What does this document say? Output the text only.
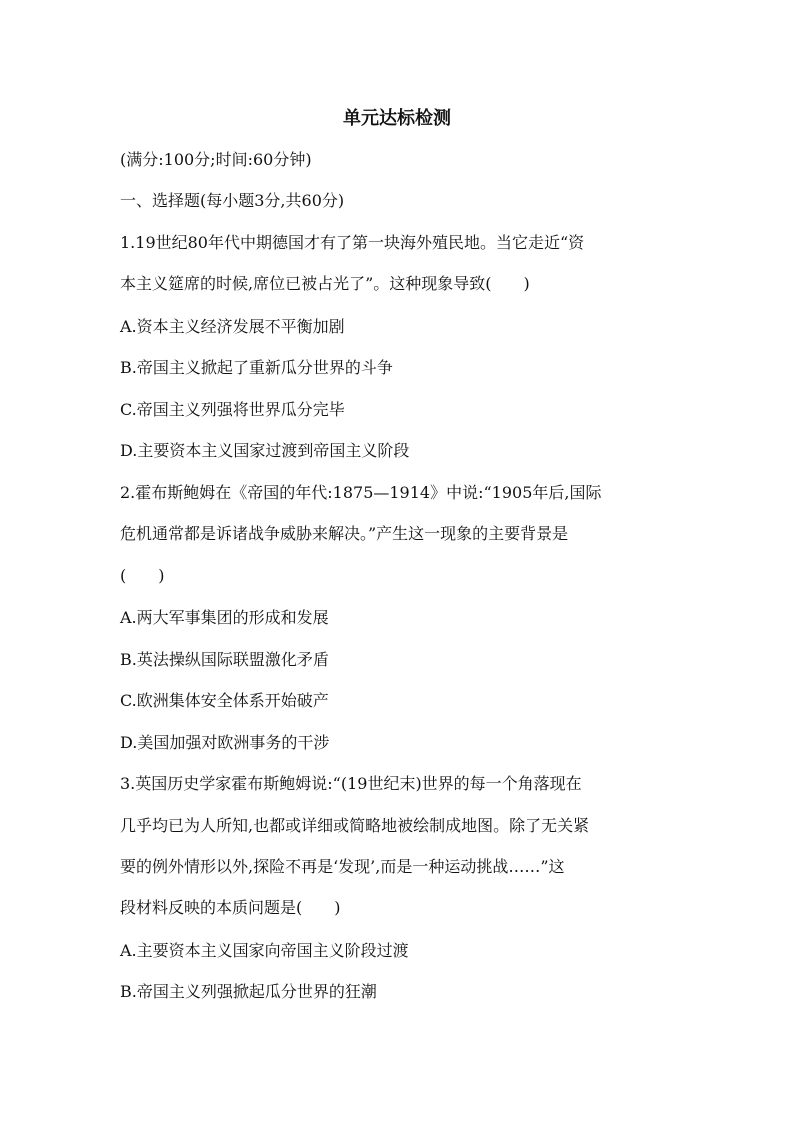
单元达标检测
(满分:100分;时间:60分钟)
一、选择题(每小题3分,共60分)
1.19世纪80年代中期德国才有了第一块海外殖民地。当它走近“资
本主义筵席的时候,席位已被占光了”。这种现象导致(　　)
A.资本主义经济发展不平衡加剧
B.帝国主义掀起了重新瓜分世界的斗争
C.帝国主义列强将世界瓜分完毕
D.主要资本主义国家过渡到帝国主义阶段
2.霍布斯鲍姆在《帝国的年代:1875—1914》中说:“1905年后,国际
危机通常都是诉诸战争威胁来解决。”产生这一现象的主要背景是
(　　)
A.两大军事集团的形成和发展
B.英法操纵国际联盟激化矛盾
C.欧洲集体安全体系开始破产
D.美国加强对欧洲事务的干涉
3.英国历史学家霍布斯鲍姆说:“(19世纪末)世界的每一个角落现在
几乎均已为人所知,也都或详细或简略地被绘制成地图。除了无关紧
要的例外情形以外,探险不再是‘发现’,而是一种运动挑战……”这
段材料反映的本质问题是(　　)
A.主要资本主义国家向帝国主义阶段过渡
B.帝国主义列强掀起瓜分世界的狂潮
